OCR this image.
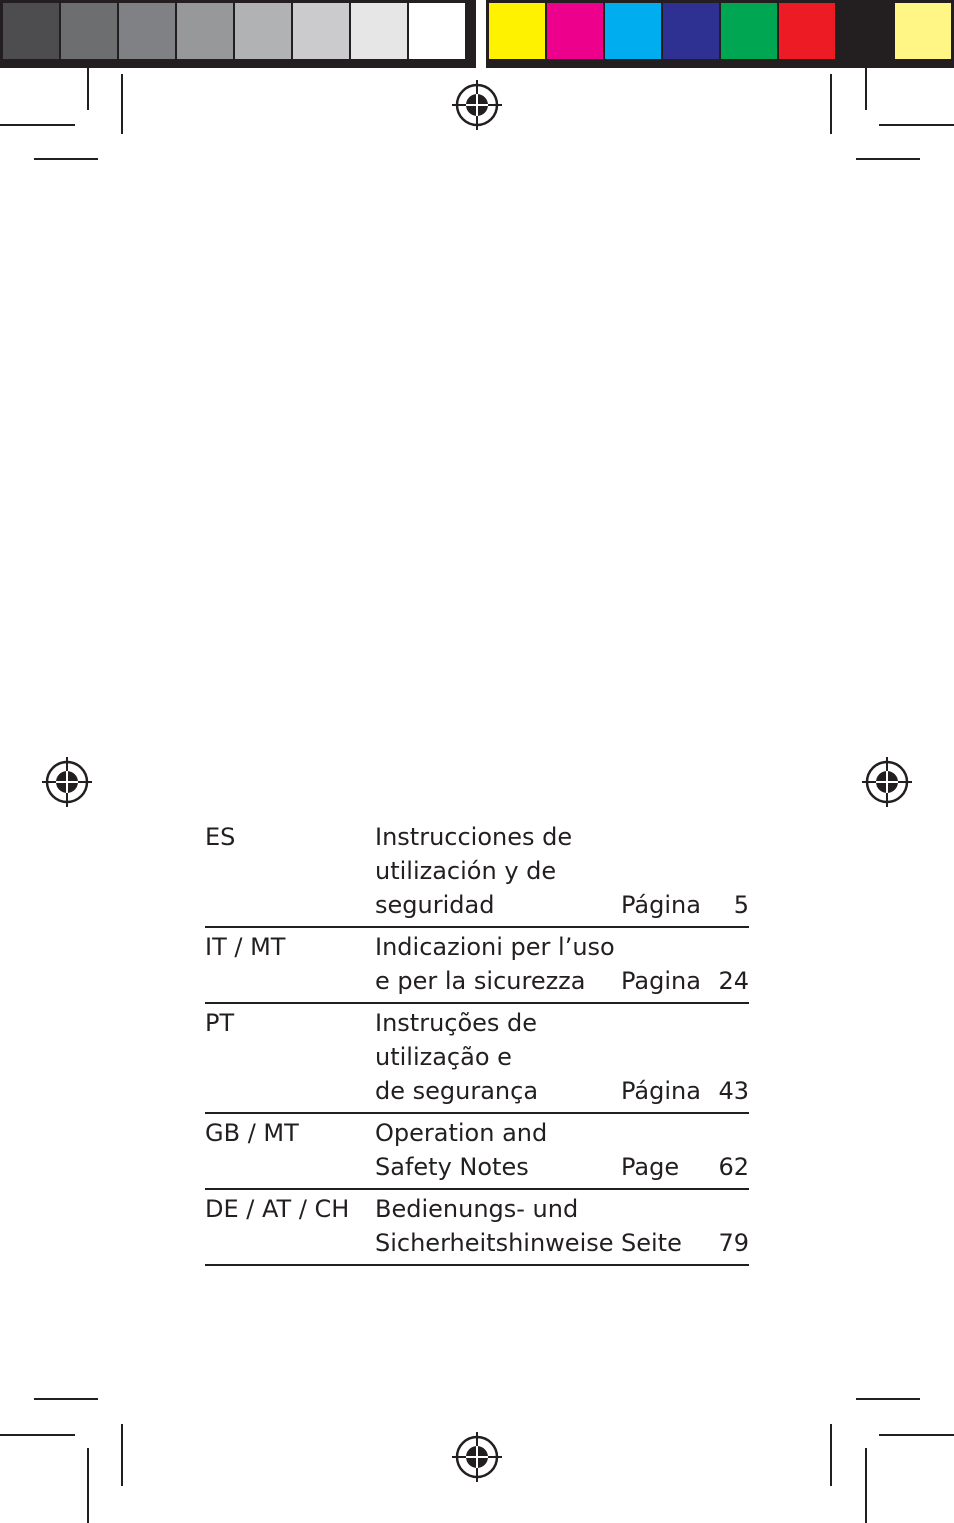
ES	Instrucciones de
utilización y de
seguridad	Página	5
IT / MT	Indicazioni per l’uso
e per la sicurezza	Pagina 24
PT	Instruções de
utilização e
de segurança	Página 43
GB / MT	Operation and
Safety Notes	Page	62
DE / AT / CH	Bedienungs- und
Sicherheitshinweise Seite	79
